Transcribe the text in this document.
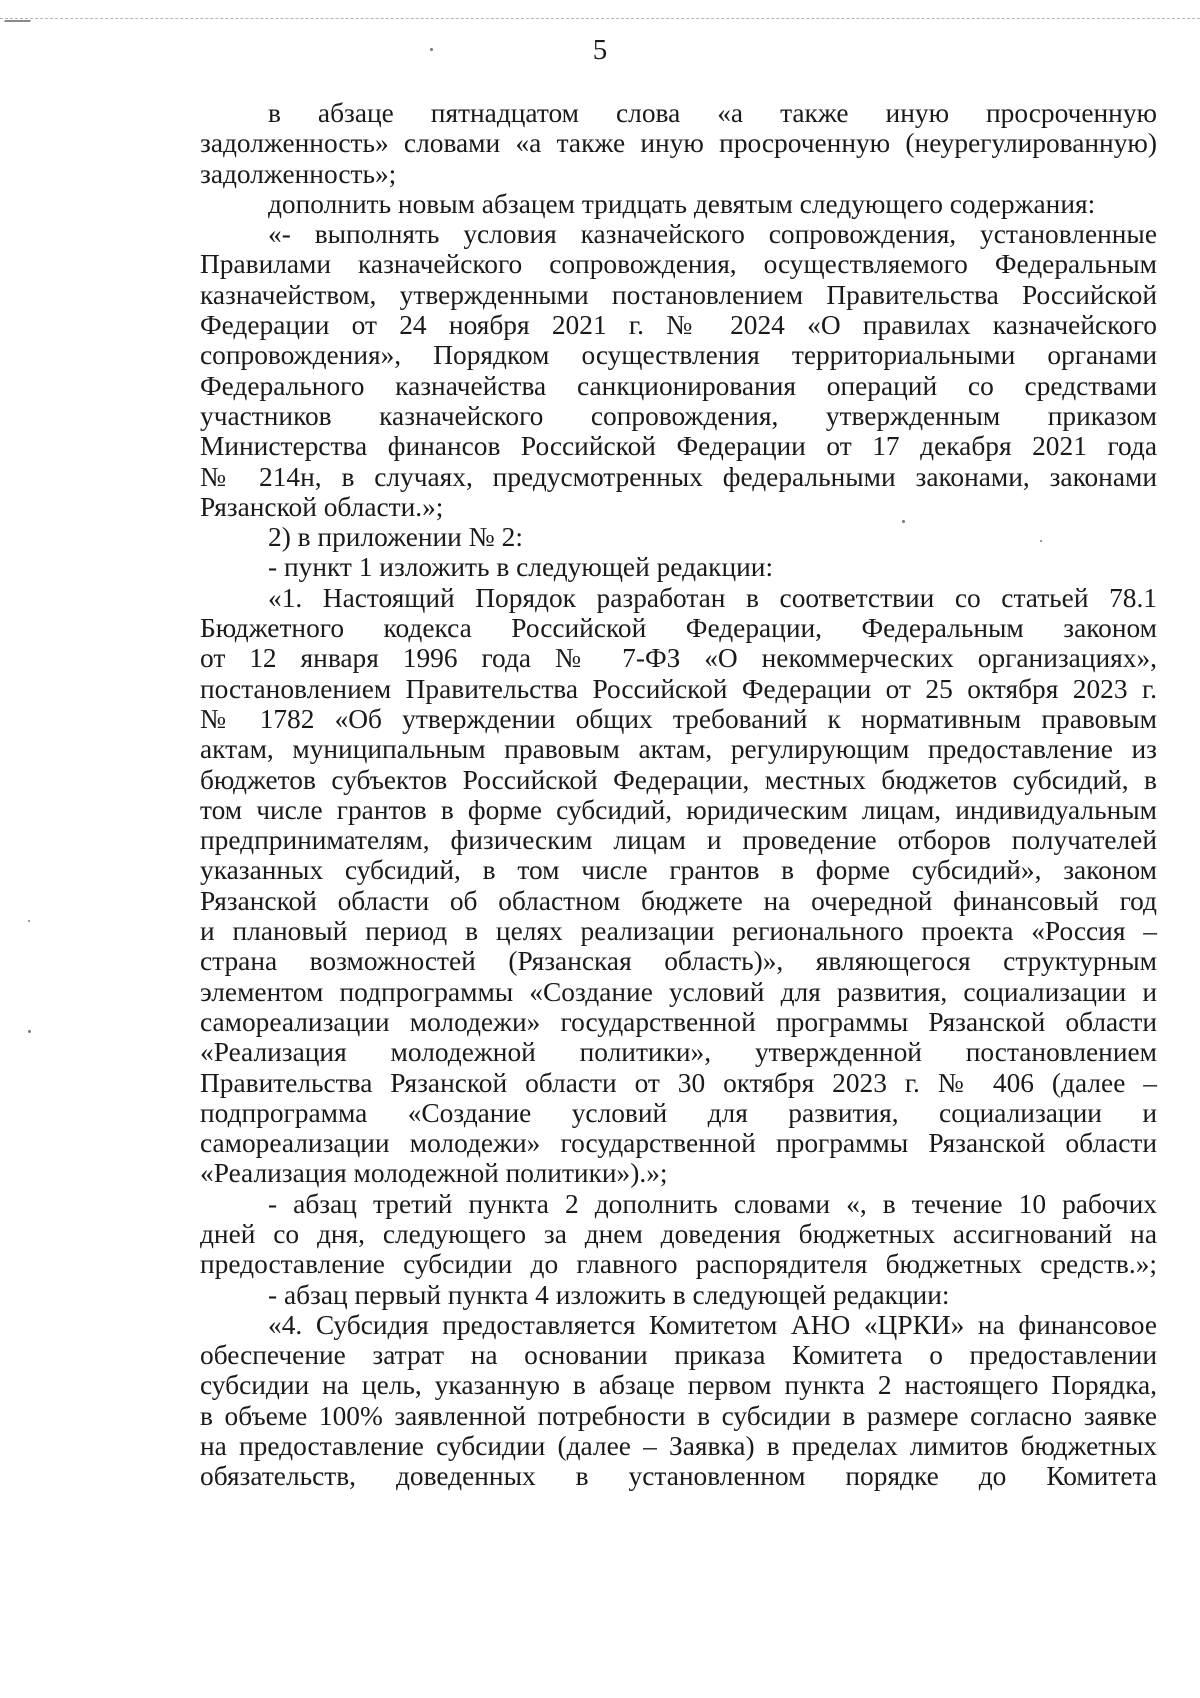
5
в абзаце пятнадцатом слова «а также иную просроченную
задолженность» словами «а также иную просроченную (неурегулированную)
задолженность»;
дополнить новым абзацем тридцать девятым следующего содержания:
«- выполнять условия казначейского сопровождения, установленные
Правилами казначейского сопровождения, осуществляемого Федеральным
казначейством, утвержденными постановлением Правительства Российской
Федерации от 24 ноября 2021 г. № 2024 «О правилах казначейского
сопровождения», Порядком осуществления территориальными органами
Федерального казначейства санкционирования операций со средствами
участников казначейского сопровождения, утвержденным приказом
Министерства финансов Российской Федерации от 17 декабря 2021 года
№ 214н, в случаях, предусмотренных федеральными законами, законами
Рязанской области.»;
2) в приложении № 2:
- пункт 1 изложить в следующей редакции:
«1. Настоящий Порядок разработан в соответствии со статьей 78.1
Бюджетного кодекса Российской Федерации, Федеральным законом
от 12 января 1996 года № 7-ФЗ «О некоммерческих организациях»,
постановлением Правительства Российской Федерации от 25 октября 2023 г.
№ 1782 «Об утверждении общих требований к нормативным правовым
актам, муниципальным правовым актам, регулирующим предоставление из
бюджетов субъектов Российской Федерации, местных бюджетов субсидий, в
том числе грантов в форме субсидий, юридическим лицам, индивидуальным
предпринимателям, физическим лицам и проведение отборов получателей
указанных субсидий, в том числе грантов в форме субсидий», законом
Рязанской области об областном бюджете на очередной финансовый год
и плановый период в целях реализации регионального проекта «Россия –
страна возможностей (Рязанская область)», являющегося структурным
элементом подпрограммы «Создание условий для развития, социализации и
самореализации молодежи» государственной программы Рязанской области
«Реализация молодежной политики», утвержденной постановлением
Правительства Рязанской области от 30 октября 2023 г. № 406 (далее –
подпрограмма «Создание условий для развития, социализации и
самореализации молодежи» государственной программы Рязанской области
«Реализация молодежной политики»).»;
- абзац третий пункта 2 дополнить словами «, в течение 10 рабочих
дней со дня, следующего за днем доведения бюджетных ассигнований на
предоставление субсидии до главного распорядителя бюджетных средств.»;
- абзац первый пункта 4 изложить в следующей редакции:
«4. Субсидия предоставляется Комитетом АНО «ЦРКИ» на финансовое
обеспечение затрат на основании приказа Комитета о предоставлении
субсидии на цель, указанную в абзаце первом пункта 2 настоящего Порядка,
в объеме 100% заявленной потребности в субсидии в размере согласно заявке
на предоставление субсидии (далее – Заявка) в пределах лимитов бюджетных
обязательств, доведенных в установленном порядке до Комитета
